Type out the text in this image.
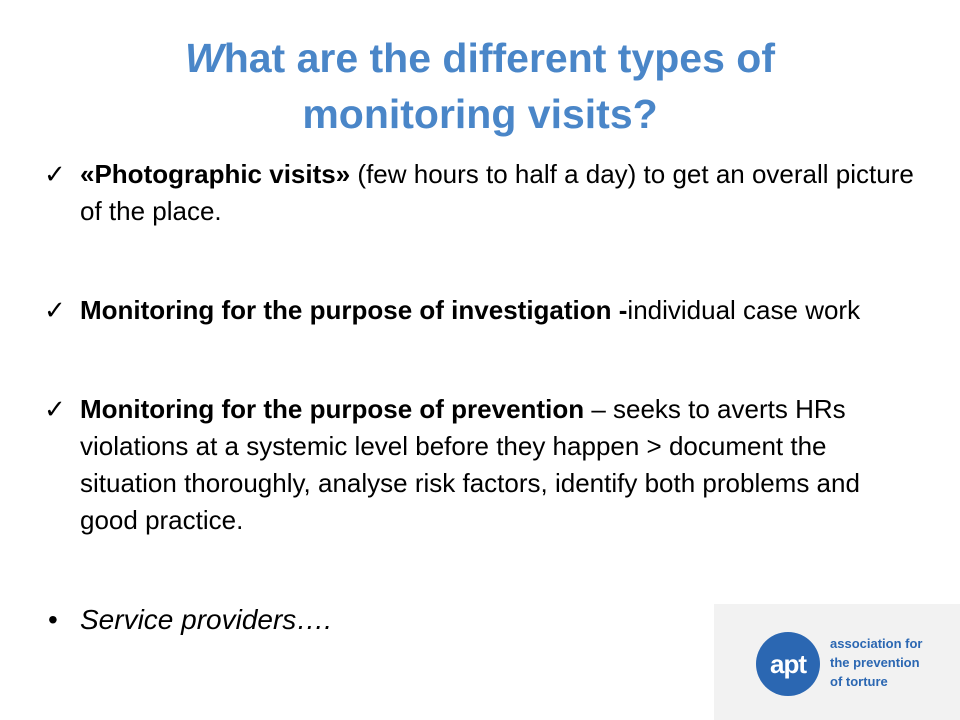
What are the different types of
monitoring visits?
✓ «Photographic visits» (few hours to half a day) to get an overall picture of the place.
✓ Monitoring for the purpose of investigation -individual case work
✓ Monitoring for the purpose of prevention – seeks to averts HRs violations at a systemic level before they happen > document the situation thoroughly, analyse risk factors, identify both problems and good practice.
• Service providers….
apt
association for
the prevention
of torture
